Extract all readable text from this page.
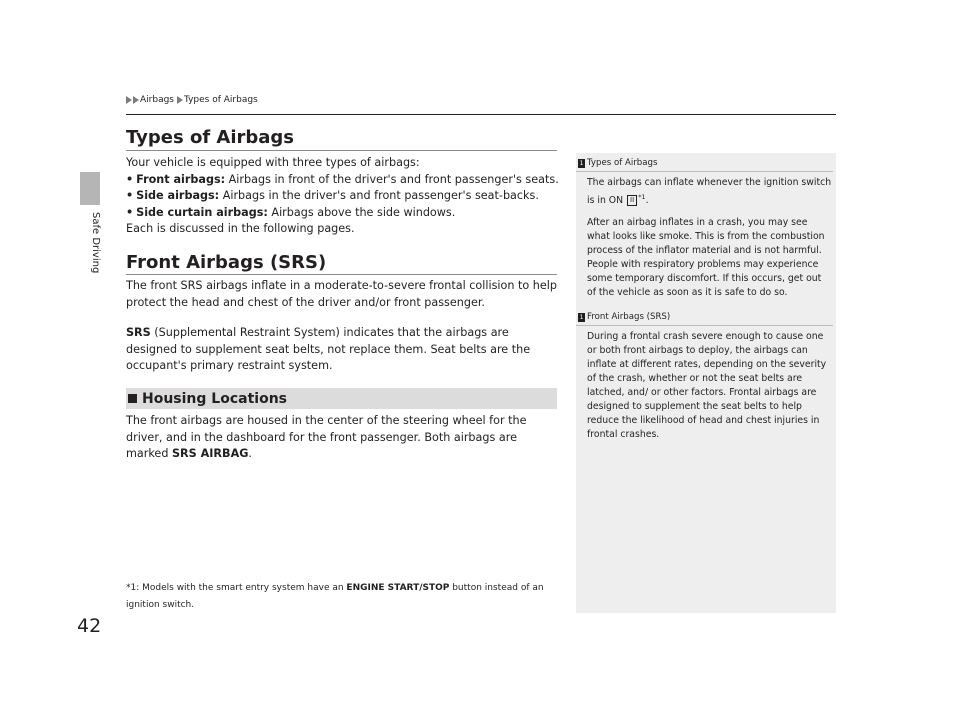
Safe Driving
42
Airbags Types of Airbags
Types of Airbags
Your vehicle is equipped with three types of airbags:
• Front airbags: Airbags in front of the driver's and front passenger's seats.
• Side airbags: Airbags in the driver's and front passenger's seat-backs.
• Side curtain airbags: Airbags above the side windows.
Each is discussed in the following pages.
Front Airbags (SRS)
The front SRS airbags inflate in a moderate-to-severe frontal collision to help protect the head and chest of the driver and/or front passenger.
SRS (Supplemental Restraint System) indicates that the airbags are designed to supplement seat belts, not replace them. Seat belts are the occupant's primary restraint system.
Housing Locations
The front airbags are housed in the center of the steering wheel for the driver, and in the dashboard for the front passenger. Both airbags are marked SRS AIRBAG.
*1: Models with the smart entry system have an ENGINE START/STOP button instead of an ignition switch.
1 Types of Airbags

The airbags can inflate whenever the ignition switch is in ON II $^{*1}$.

After an airbag inflates in a crash, you may see what looks like smoke. This is from the combustion process of the inflator material and is not harmful. People with respiratory problems may experience some temporary discomfort. If this occurs, get out of the vehicle as soon as it is safe to do so.

1 Front Airbags (SRS)

During a frontal crash severe enough to cause one or both front airbags to deploy, the airbags can inflate at different rates, depending on the severity of the crash, whether or not the seat belts are latched, and/ or other factors. Frontal airbags are designed to supplement the seat belts to help reduce the likelihood of head and chest injuries in frontal crashes.
